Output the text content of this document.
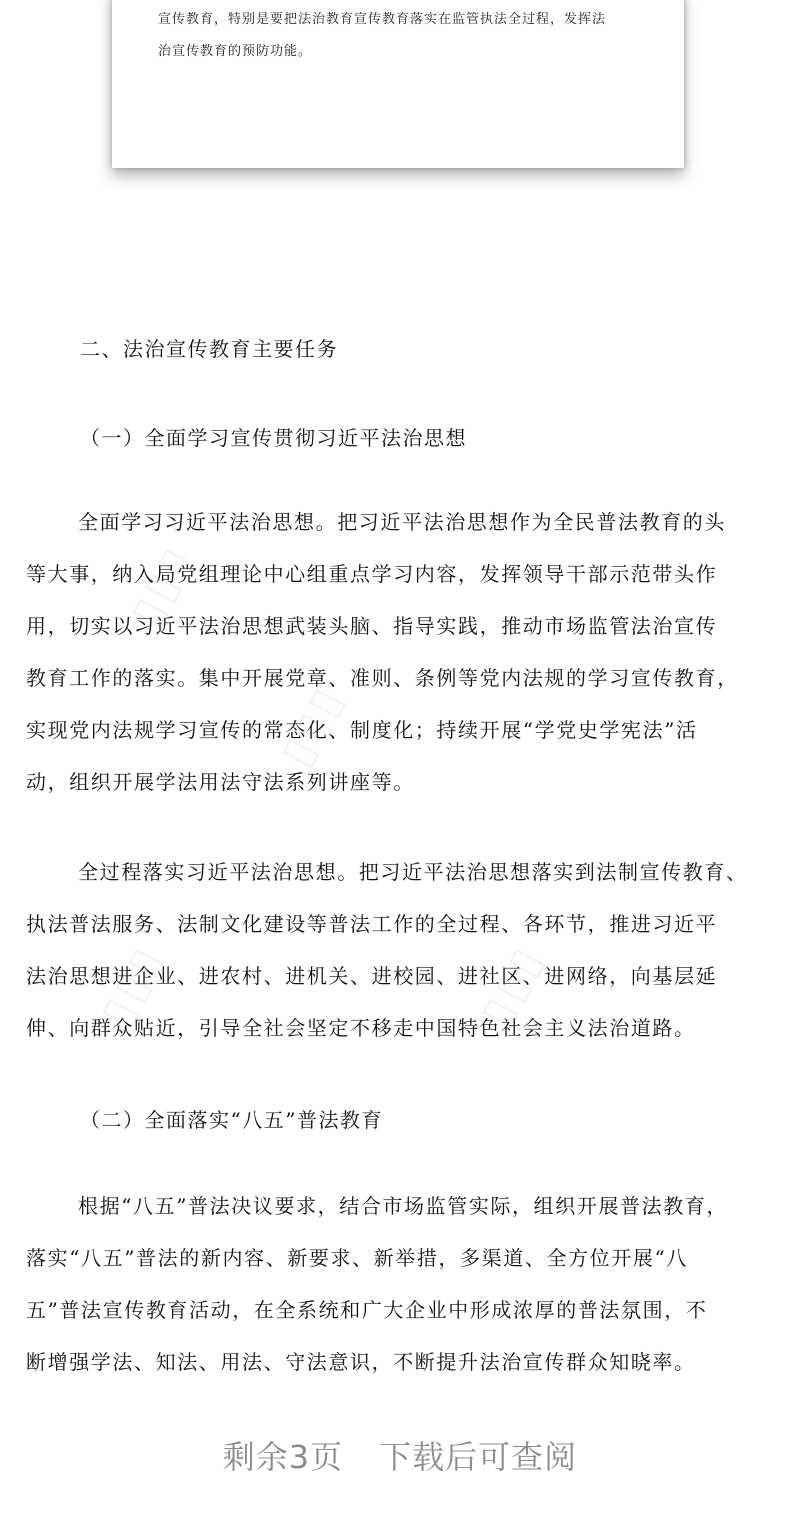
宣传教育，特别是要把法治教育宣传教育落实在监管执法全过程，发挥法
治宣传教育的预防功能。
▯▯▯
▯▯▯
▯▯▯	▯▯▯
二、法治宣传教育主要任务
（一）全面学习宣传贯彻习近平法治思想
全面学习习近平法治思想。把习近平法治思想作为全民普法教育的头
等大事，纳入局党组理论中心组重点学习内容，发挥领导干部示范带头作
用，切实以习近平法治思想武装头脑、指导实践，推动市场监管法治宣传
教育工作的落实。集中开展党章、准则、条例等党内法规的学习宣传教育，
实现党内法规学习宣传的常态化、制度化；持续开展“学党史学宪法”活
动，组织开展学法用法守法系列讲座等。
全过程落实习近平法治思想。把习近平法治思想落实到法制宣传教育、
执法普法服务、法制文化建设等普法工作的全过程、各环节，推进习近平
法治思想进企业、进农村、进机关、进校园、进社区、进网络，向基层延
伸、向群众贴近，引导全社会坚定不移走中国特色社会主义法治道路。
（二）全面落实“八五”普法教育
根据“八五”普法决议要求，结合市场监管实际，组织开展普法教育，
落实“八五”普法的新内容、新要求、新举措，多渠道、全方位开展“八
五”普法宣传教育活动，在全系统和广大企业中形成浓厚的普法氛围，不
断增强学法、知法、用法、守法意识，不断提升法治宣传群众知晓率。
剩余3页 下载后可查阅
